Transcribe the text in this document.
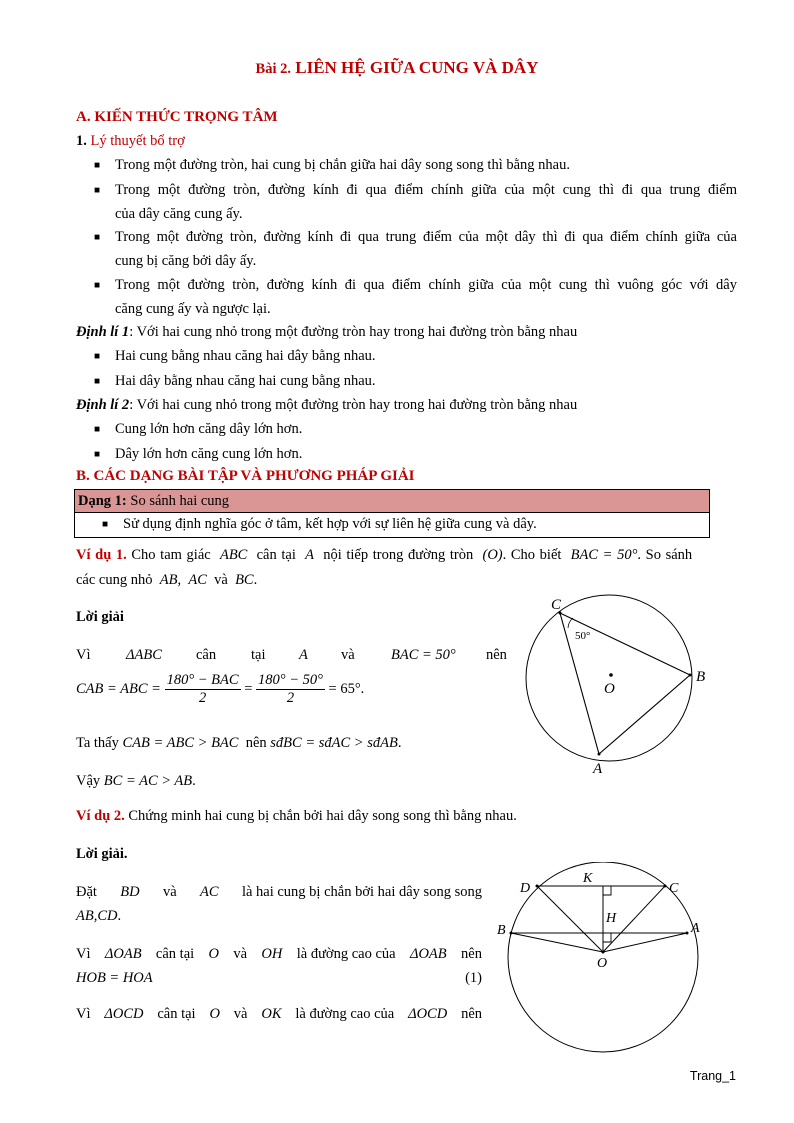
Bài 2. LIÊN HỆ GIỮA CUNG VÀ DÂY
A. KIẾN THỨC TRỌNG TÂM
1. Lý thuyết bổ trợ
■ Trong một đường tròn, hai cung bị chắn giữa hai dây song song thì bằng nhau.
■ Trong một đường tròn, đường kính đi qua điểm chính giữa của một cung thì đi qua trung điểm
của dây căng cung ấy.
■ Trong một đường tròn, đường kính đi qua trung điểm của một dây thì đi qua điểm chính giữa của
cung bị căng bởi dây ấy.
■ Trong một đường tròn, đường kính đi qua điểm chính giữa của một cung thì vuông góc với dây
căng cung ấy và ngược lại.
Định lí 1: Với hai cung nhỏ trong một đường tròn hay trong hai đường tròn bằng nhau
■ Hai cung bằng nhau căng hai dây bằng nhau.
■ Hai dây bằng nhau căng hai cung bằng nhau.
Định lí 2: Với hai cung nhỏ trong một đường tròn hay trong hai đường tròn bằng nhau
■ Cung lớn hơn căng dây lớn hơn.
■ Dây lớn hơn căng cung lớn hơn.
B. CÁC DẠNG BÀI TẬP VÀ PHƯƠNG PHÁP GIẢI
Dạng 1: So sánh hai cung
■ Sử dụng định nghĩa góc ở tâm, kết hợp với sự liên hệ giữa cung và dây.
Ví dụ 1. Cho tam giác ABC cân tại A nội tiếp trong đường tròn (O). Cho biết BAC = 50°. So sánh
các cung nhỏ AB, AC và BC.
Lời giải
Vì ΔABC cân tại A và	BAC = 50° nên
CAB = ABC = $\frac{\text{180° − BAC}}{2} = \frac{180^\circ - 50^\circ}{2} = 65^\circ$.
Ta thấy CAB = ABC > BAC nên sđBC = sđAC > sđAB.
Vậy BC = AC > AB.
C
B
A
O
50°
Ví dụ 2. Chứng minh hai cung bị chắn bởi hai dây song song thì bằng nhau.
Lời giải.
Đặt BD và AC là hai cung bị chắn bởi hai dây song song
AB,CD.
Vì ΔOAB cân tại O và OH là đường cao của ΔOAB nên
HOB = HOA	(1)
Vì ΔOCD cân tại O và OK là đường cao của ΔOCD nên
D
K
C
H
B	A
O
Trang_1
